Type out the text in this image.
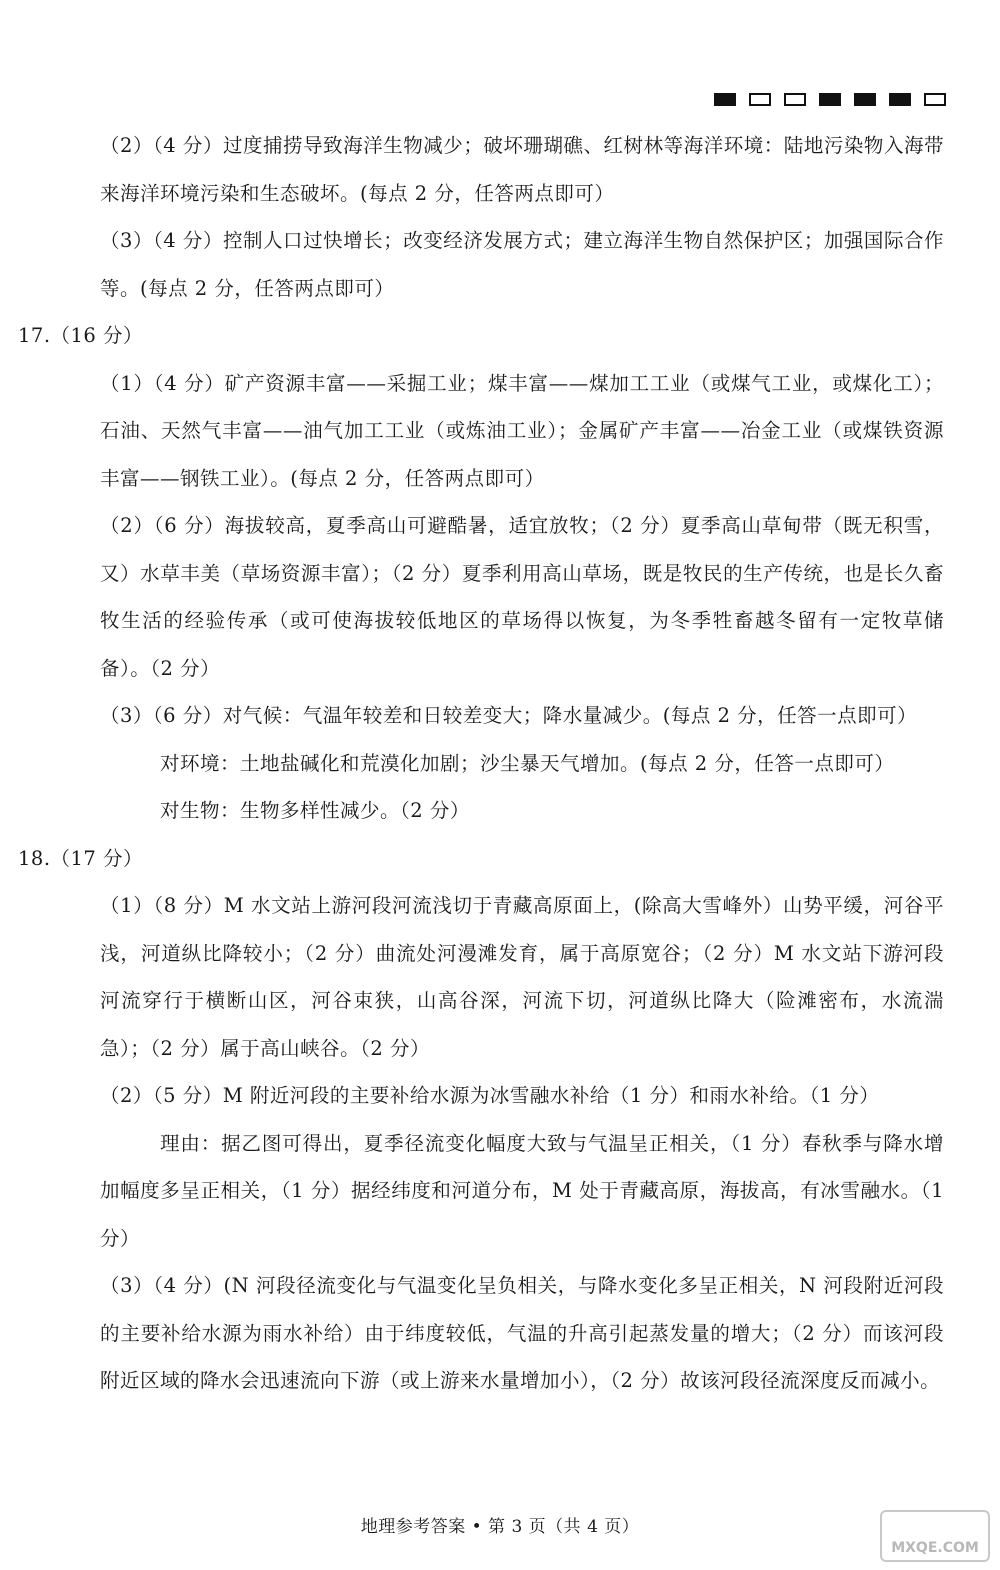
（2）（4 分）过度捕捞导致海洋生物减少；破坏珊瑚礁、红树林等海洋环境：陆地污染物入海带来海洋环境污染和生态破坏。(每点 2 分，任答两点即可）

（3）（4 分）控制人口过快增长；改变经济发展方式；建立海洋生物自然保护区；加强国际合作等。(每点 2 分，任答两点即可）

17.（16 分）

（1）（4 分）矿产资源丰富——采掘工业；煤丰富——煤加工工业（或煤气工业，或煤化工）；石油、天然气丰富——油气加工工业（或炼油工业）；金属矿产丰富——冶金工业（或煤铁资源丰富——钢铁工业）。(每点 2 分，任答两点即可）

（2）（6 分）海拔较高，夏季高山可避酷暑，适宜放牧；（2 分）夏季高山草甸带（既无积雪，又）水草丰美（草场资源丰富）；（2 分）夏季利用高山草场，既是牧民的生产传统，也是长久畜牧生活的经验传承（或可使海拔较低地区的草场得以恢复，为冬季牲畜越冬留有一定牧草储备）。（2 分）

（3）（6 分）对气候：气温年较差和日较差变大；降水量减少。(每点 2 分，任答一点即可）

对环境：土地盐碱化和荒漠化加剧；沙尘暴天气增加。(每点 2 分，任答一点即可）

对生物：生物多样性减少。（2 分）

18.（17 分）

（1）（8 分）M 水文站上游河段河流浅切于青藏高原面上，(除高大雪峰外）山势平缓，河谷平浅，河道纵比降较小；（2 分）曲流处河漫滩发育，属于高原宽谷；（2 分）M 水文站下游河段河流穿行于横断山区，河谷束狭，山高谷深，河流下切，河道纵比降大（险滩密布，水流湍急）；（2 分）属于高山峡谷。（2 分）

（2）（5 分）M 附近河段的主要补给水源为冰雪融水补给（1 分）和雨水补给。（1 分）

理由：据乙图可得出，夏季径流变化幅度大致与气温呈正相关，（1 分）春秋季与降水增加幅度多呈正相关，（1 分）据经纬度和河道分布，M 处于青藏高原，海拔高，有冰雪融水。（1 分）

（3）（4 分）(N 河段径流变化与气温变化呈负相关，与降水变化多呈正相关，N 河段附近河段的主要补给水源为雨水补给）由于纬度较低，气温的升高引起蒸发量的增大；（2 分）而该河段附近区域的降水会迅速流向下游（或上游来水量增加小），（2 分）故该河段径流深度反而减小。

地理参考答案 • 第 3 页（共 4 页）
MXQE.COM
